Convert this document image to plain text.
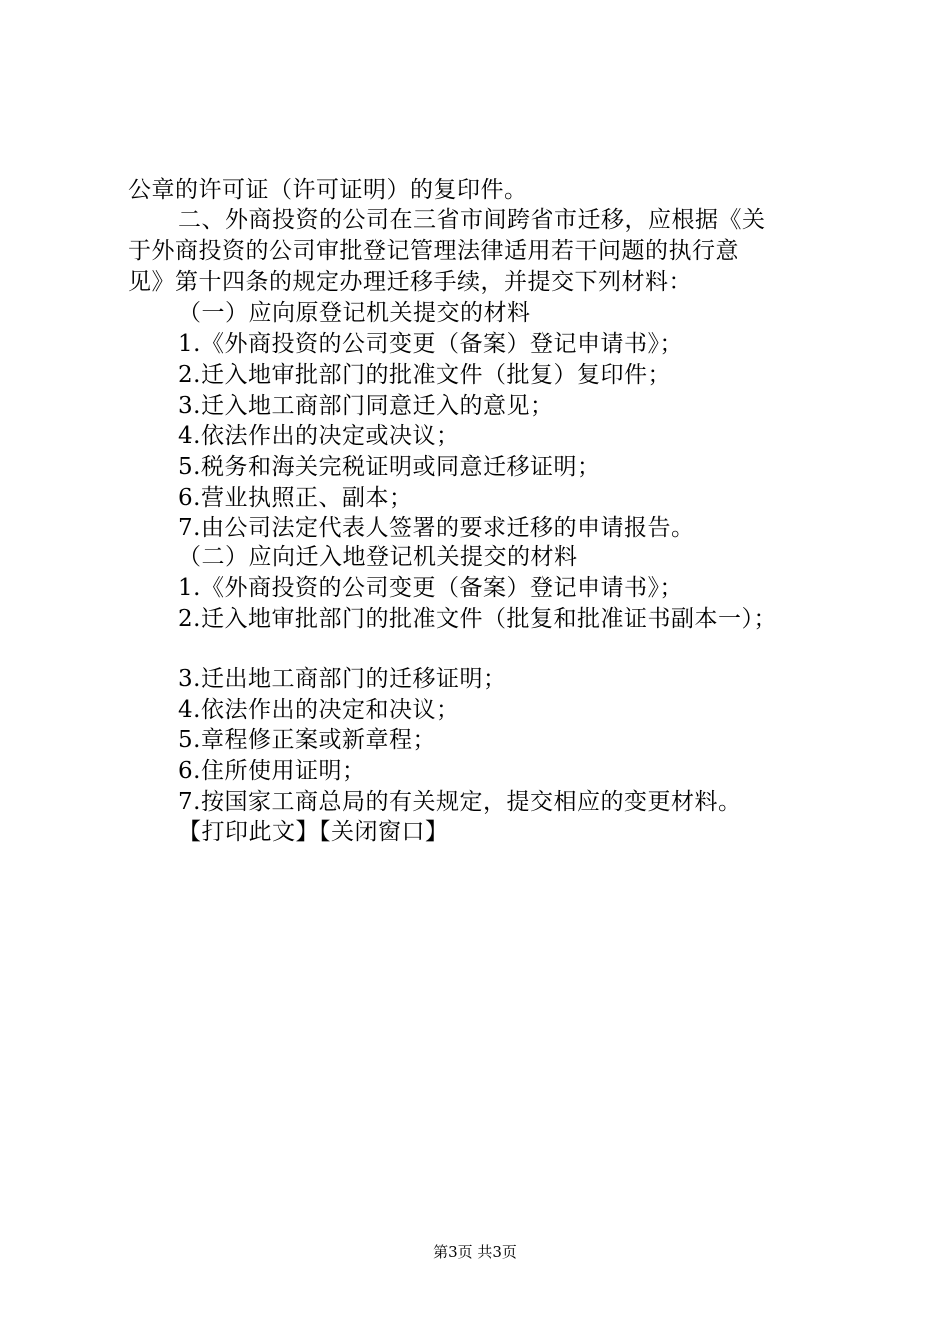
公章的许可证（许可证明）的复印件。
二、外商投资的公司在三省市间跨省市迁移，应根据《关
于外商投资的公司审批登记管理法律适用若干问题的执行意
见》第十四条的规定办理迁移手续，并提交下列材料：
（一）应向原登记机关提交的材料
1.《外商投资的公司变更（备案）登记申请书》；
2.迁入地审批部门的批准文件（批复）复印件；
3.迁入地工商部门同意迁入的意见；
4.依法作出的决定或决议；
5.税务和海关完税证明或同意迁移证明；
6.营业执照正、副本；
7.由公司法定代表人签署的要求迁移的申请报告。
（二）应向迁入地登记机关提交的材料
1.《外商投资的公司变更（备案）登记申请书》；
2.迁入地审批部门的批准文件（批复和批准证书副本一）；
3.迁出地工商部门的迁移证明；
4.依法作出的决定和决议；
5.章程修正案或新章程；
6.住所使用证明；
7.按国家工商总局的有关规定，提交相应的变更材料。
【打印此文】【关闭窗口】
第3页 共3页
